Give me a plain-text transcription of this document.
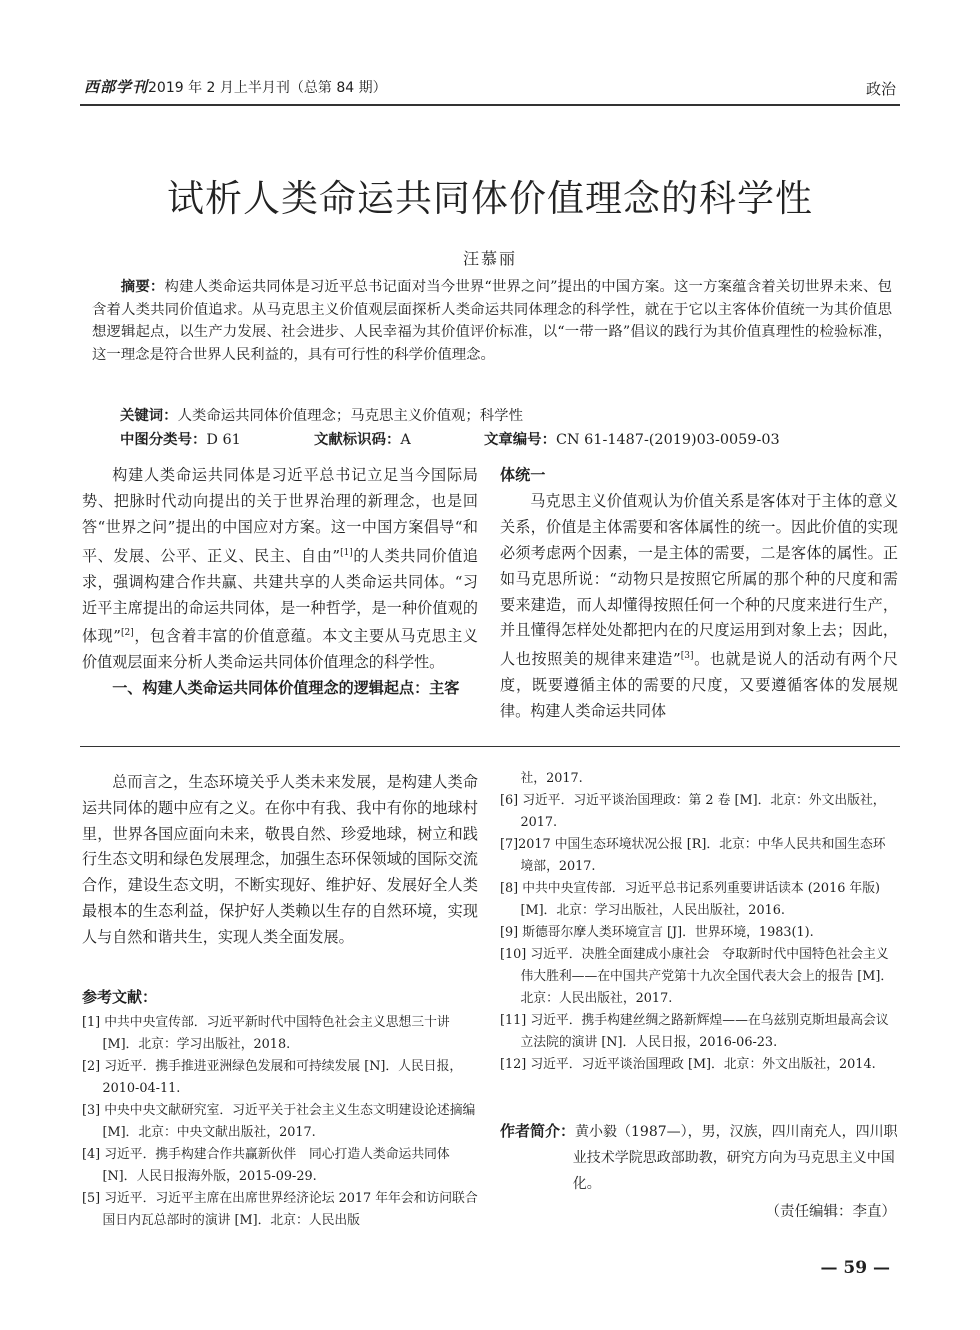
西部学刊 2019 年 2 月上半月刊（总第 84 期）	政治
试析人类命运共同体价值理念的科学性
汪慕丽
摘要：构建人类命运共同体是习近平总书记面对当今世界“世界之问”提出的中国方案。这一方案蕴含着关切世界未来、包含着人类共同价值追求。从马克思主义价值观层面探析人类命运共同体理念的科学性，就在于它以主客体价值统一为其价值思想逻辑起点，以生产力发展、社会进步、人民幸福为其价值评价标准，以“一带一路”倡议的践行为其价值真理性的检验标准，这一理念是符合世界人民利益的，具有可行性的科学价值理念。
关键词：人类命运共同体价值理念；马克思主义价值观；科学性
中图分类号：D 61	文献标识码：A	文章编号：CN 61-1487-(2019)03-0059-03

构建人类命运共同体是习近平总书记立足当今国际局势、把脉时代动向提出的关于世界治理的新理念，也是回答“世界之问”提出的中国应对方案。这一中国方案倡导“和平、发展、公平、正义、民主、自由”[1]的人类共同价值追求，强调构建合作共赢、共建共享的人类命运共同体。“习近平主席提出的命运共同体，是一种哲学，是一种价值观的体现”[2]，包含着丰富的价值意蕴。本文主要从马克思主义价值观层面来分析人类命运共同体价值理念的科学性。

一、构建人类命运共同体价值理念的逻辑起点：主客
体统一

马克思主义价值观认为价值关系是客体对于主体的意义关系，价值是主体需要和客体属性的统一。因此价值的实现必须考虑两个因素，一是主体的需要，二是客体的属性。正如马克思所说：“动物只是按照它所属的那个种的尺度和需要来建造，而人却懂得按照任何一个种的尺度来进行生产，并且懂得怎样处处都把内在的尺度运用到对象上去；因此，人也按照美的规律来建造”[3]。也就是说人的活动有两个尺度，既要遵循主体的需要的尺度，又要遵循客体的发展规律。构建人类命运共同体

总而言之，生态环境关乎人类未来发展，是构建人类命运共同体的题中应有之义。在你中有我、我中有你的地球村里，世界各国应面向未来，敬畏自然、珍爱地球，树立和践行生态文明和绿色发展理念，加强生态环保领域的国际交流合作，建设生态文明，不断实现好、维护好、发展好全人类最根本的生态利益，保护好人类赖以生存的自然环境，实现人与自然和谐共生，实现人类全面发展。

参考文献：

[1] 中共中央宣传部．习近平新时代中国特色社会主义思想三十讲 [M]．北京：学习出版社，2018.

[2] 习近平．携手推进亚洲绿色发展和可持续发展 [N]．人民日报，2010-04-11.

[3] 中央中央文献研究室．习近平关于社会主义生态文明建设论述摘编 [M]．北京：中央文献出版社，2017.

[4] 习近平．携手构建合作共赢新伙伴　同心打造人类命运共同体 [N]．人民日报海外版，2015-09-29.

[5] 习近平．习近平主席在出席世界经济论坛 2017 年年会和访问联合国日内瓦总部时的演讲 [M]．北京：人民出版

社，2017.

[6] 习近平．习近平谈治国理政：第 2 卷 [M]．北京：外文出版社，2017.

[7]2017 中国生态环境状况公报 [R]．北京：中华人民共和国生态环境部，2017.

[8] 中共中央宣传部．习近平总书记系列重要讲话读本 (2016 年版)[M]．北京：学习出版社，人民出版社，2016.

[9] 斯德哥尔摩人类环境宣言 [J]．世界环境，1983(1).

[10] 习近平．决胜全面建成小康社会　夺取新时代中国特色社会主义伟大胜利——在中国共产党第十九次全国代表大会上的报告 [M]．北京：人民出版社，2017.

[11] 习近平．携手构建丝绸之路新辉煌——在乌兹别克斯坦最高会议立法院的演讲 [N]．人民日报，2016-06-23.

[12] 习近平．习近平谈治国理政 [M]．北京：外文出版社，2014.

作者简介：黄小毅（1987—），男，汉族，四川南充人，四川职业技术学院思政部助教，研究方向为马克思主义中国化。
（责任编辑：李直）
— 59 —
